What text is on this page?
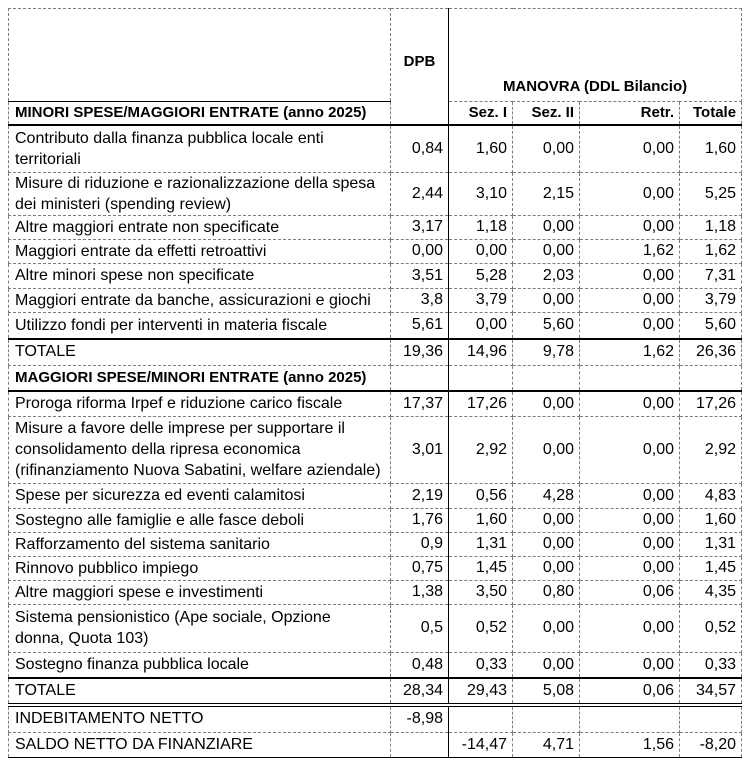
	DPB	MANOVRA (DDL Bilancio)			
MINORI SPESE/MAGGIORI ENTRATE (anno 2025)		Sez. I	Sez. II	Retr.	Totale

Contributo dalla finanza pubblica locale enti
territoriali	0,84	1,60	0,00	0,00	1,60

Misure di riduzione e razionalizzazione della spesa
dei ministeri (spending review)	2,44	3,10	2,15	0,00	5,25

Altre maggiori entrate non specificate	3,17	1,18	0,00	0,00	1,18

Maggiori entrate da effetti retroattivi	0,00	0,00	0,00	1,62	1,62

Altre minori spese non specificate	3,51	5,28	2,03	0,00	7,31

Maggiori entrate da banche, assicurazioni e giochi	3,8	3,79	0,00	0,00	3,79

Utilizzo fondi per interventi in materia fiscale	5,61	0,00	5,60	0,00	5,60
TOTALE	19,36	14,96	9,78	1,62	26,36
MAGGIORI SPESE/MINORI ENTRATE (anno 2025)					

Proroga riforma Irpef e riduzione carico fiscale	17,37	17,26	0,00	0,00	17,26

Misure a favore delle imprese per supportare il
consolidamento della ripresa economica
(rifinanziamento Nuova Sabatini, welfare aziendale)	3,01	2,92	0,00	0,00	2,92

Spese per sicurezza ed eventi calamitosi	2,19	0,56	4,28	0,00	4,83

Sostegno alle famiglie e alle fasce deboli	1,76	1,60	0,00	0,00	1,60

Rafforzamento del sistema sanitario	0,9	1,31	0,00	0,00	1,31

Rinnovo pubblico impiego	0,75	1,45	0,00	0,00	1,45

Altre maggiori spese e investimenti	1,38	3,50	0,80	0,06	4,35

Sistema pensionistico (Ape sociale, Opzione
donna, Quota 103)	0,5	0,52	0,00	0,00	0,52

Sostegno finanza pubblica locale	0,48	0,33	0,00	0,00	0,33
TOTALE	28,34	29,43	5,08	0,06	34,57
INDEBITAMENTO NETTO	-8,98				
SALDO NETTO DA FINANZIARE		-14,47	4,71	1,56	-8,20
